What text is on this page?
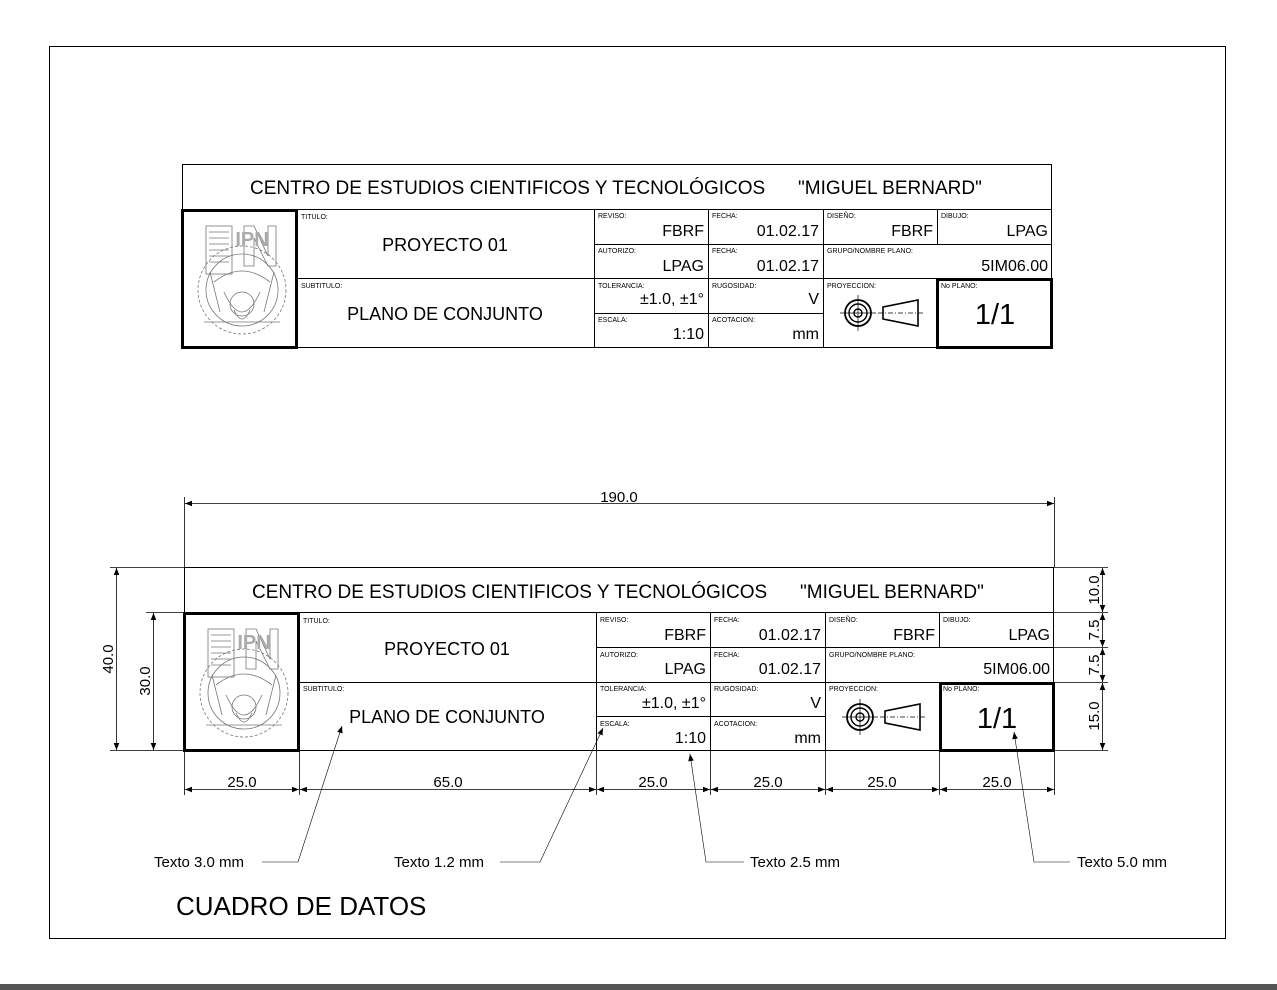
CENTRO DE ESTUDIOS CIENTIFICOS Y TECNOLÓGICOS "MIGUEL BERNARD"
TITULO:
PROYECTO 01
SUBTITULO:
PLANO DE CONJUNTO
REVISO:
FBRF
FECHA:
01.02.17
DISEÑO:
FBRF
DIBUJO:
LPAG
AUTORIZO:
LPAG
FECHA:
01.02.17
GRUPO/NOMBRE PLANO:
5IM06.00
TOLERANCIA:
±1.0, ±1°
RUGOSIDAD:
V
PROYECCION:	No PLANO:
1/1
ESCALA:
1:10
ACOTACION:
mm
IPN
CENTRO DE ESTUDIOS CIENTIFICOS Y TECNOLÓGICOS "MIGUEL BERNARD"
TITULO:
PROYECTO 01
SUBTITULO:
PLANO DE CONJUNTO
REVISO:
FBRF
FECHA:
01.02.17
DISEÑO:
FBRF
DIBUJO:
LPAG
AUTORIZO:
LPAG
FECHA:
01.02.17
GRUPO/NOMBRE PLANO:
5IM06.00
TOLERANCIA:
±1.0, ±1°
RUGOSIDAD:
V
PROYECCION:	No PLANO:
1/1
ESCALA:
1:10
ACOTACION:
mm
IPN
190.0
40.0
30.0
25.0	65.0	25.0	25.0	25.0	25.0
10.0
7.5
7.5
15.0
Texto 3.0 mm	Texto 1.2 mm	Texto 2.5 mm	Texto 5.0 mm
CUADRO DE DATOS
